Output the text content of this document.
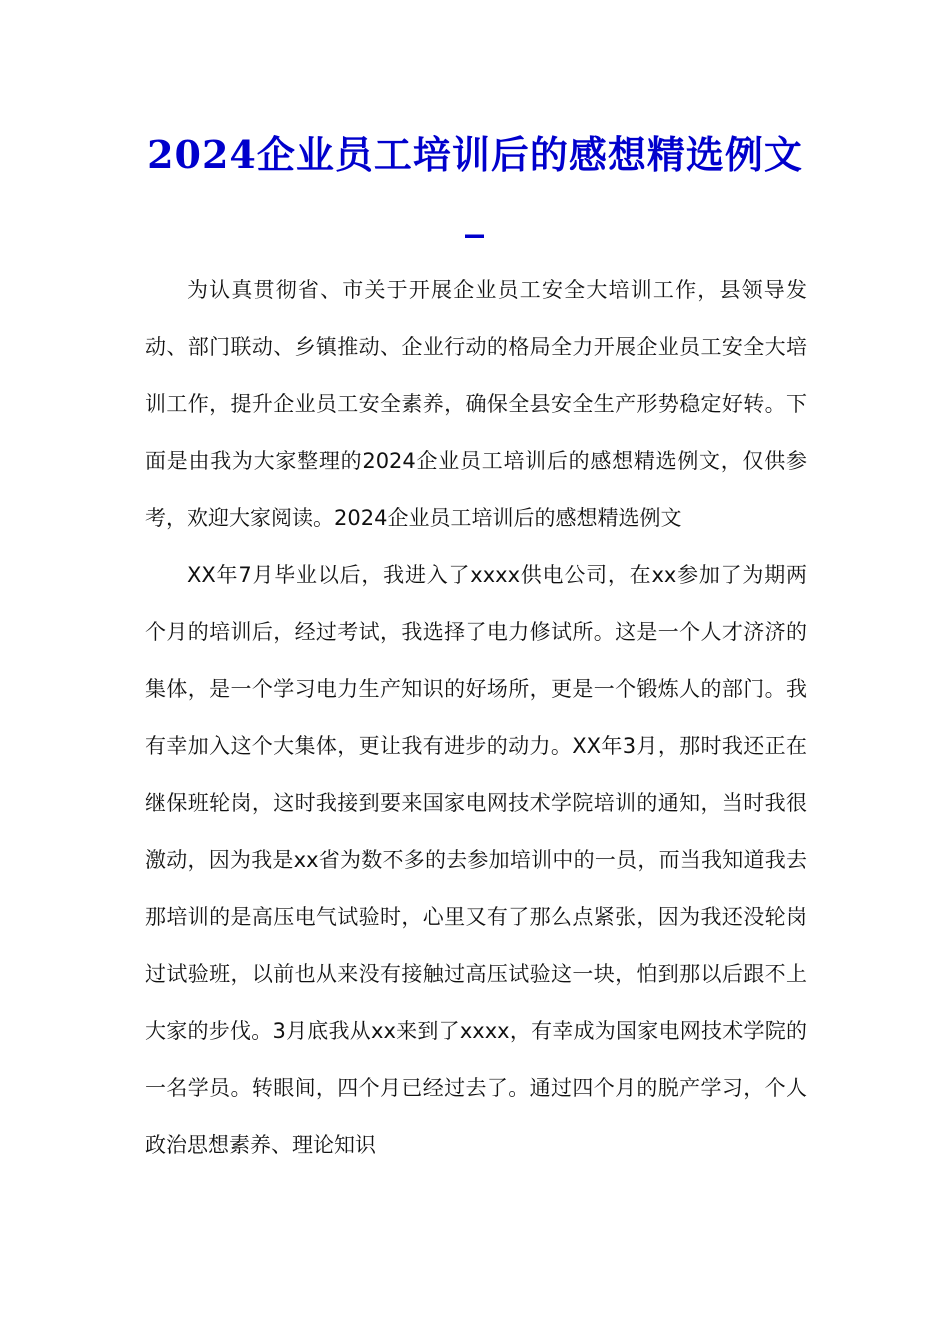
2024企业员工培训后的感想精选例文_

为认真贯彻省、市关于开展企业员工安全大培训工作，县领导发动、部门联动、乡镇推动、企业行动的格局全力开展企业员工安全大培训工作，提升企业员工安全素养，确保全县安全生产形势稳定好转。下面是由我为大家整理的2024企业员工培训后的感想精选例文，仅供参考，欢迎大家阅读。2024企业员工培训后的感想精选例文

XX年7月毕业以后，我进入了xxxx供电公司，在xx参加了为期两个月的培训后，经过考试，我选择了电力修试所。这是一个人才济济的集体，是一个学习电力生产知识的好场所，更是一个锻炼人的部门。我有幸加入这个大集体，更让我有进步的动力。XX年3月，那时我还正在继保班轮岗，这时我接到要来国家电网技术学院培训的通知，当时我很激动，因为我是xx省为数不多的去参加培训中的一员，而当我知道我去那培训的是高压电气试验时，心里又有了那么点紧张，因为我还没轮岗过试验班，以前也从来没有接触过高压试验这一块，怕到那以后跟不上大家的步伐。3月底我从xx来到了xxxx，有幸成为国家电网技术学院的一名学员。转眼间，四个月已经过去了。通过四个月的脱产学习，个人政治思想素养、理论知识
